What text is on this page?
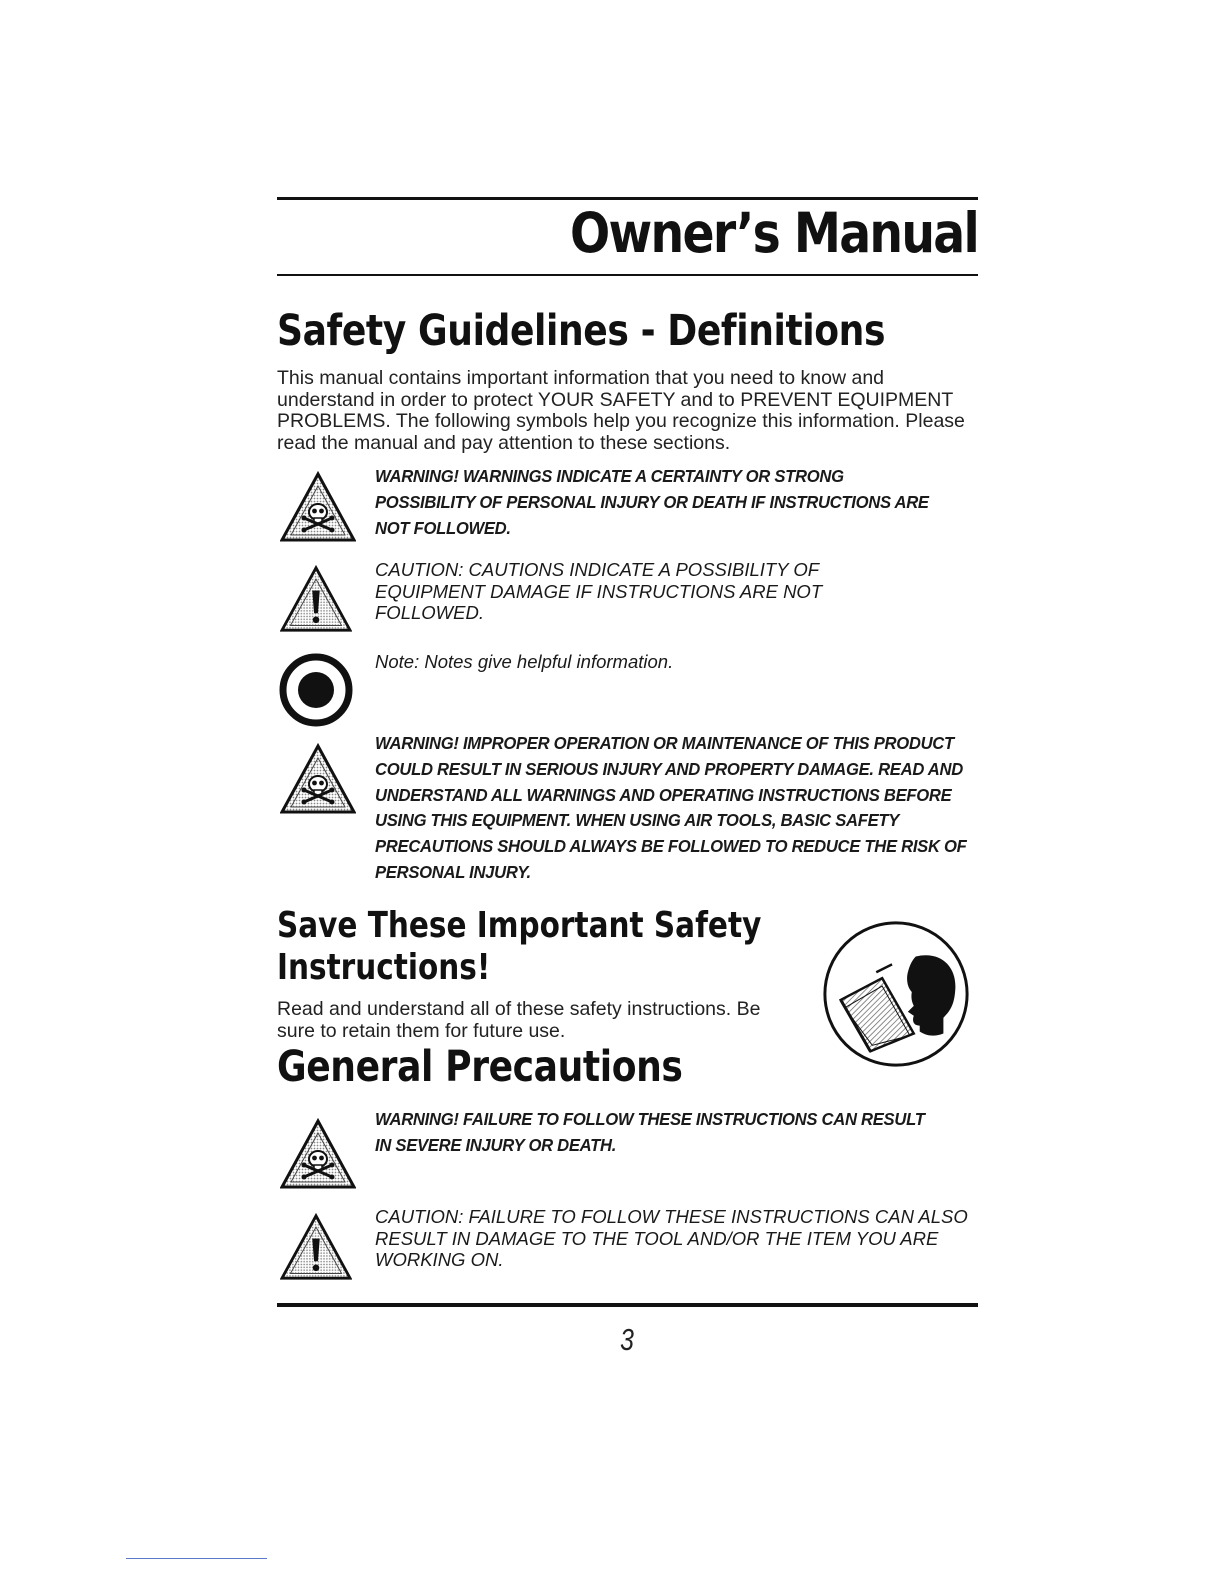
Owner’s Manual
Safety Guidelines - Definitions

This manual contains important information that you need to know and understand in order to protect YOUR SAFETY and to PREVENT EQUIPMENT PROBLEMS. The following symbols help you recognize this information. Please read the manual and pay attention to these sections.

WARNING! WARNINGS INDICATE A CERTAINTY OR STRONG POSSIBILITY OF PERSONAL INJURY OR DEATH IF INSTRUCTIONS ARE NOT FOLLOWED.

CAUTION: CAUTIONS INDICATE A POSSIBILITY OF EQUIPMENT DAMAGE IF INSTRUCTIONS ARE NOT FOLLOWED.

Note: Notes give helpful information.

WARNING! IMPROPER OPERATION OR MAINTENANCE OF THIS PRODUCT COULD RESULT IN SERIOUS INJURY AND PROPERTY DAMAGE. READ AND UNDERSTAND ALL WARNINGS AND OPERATING INSTRUCTIONS BEFORE USING THIS EQUIPMENT. WHEN USING AIR TOOLS, BASIC SAFETY PRECAUTIONS SHOULD ALWAYS BE FOLLOWED TO REDUCE THE RISK OF PERSONAL INJURY.

Save These Important Safety
Instructions!

Read and understand all of these safety instructions. Be sure to retain them for future use.

General Precautions

WARNING! FAILURE TO FOLLOW THESE INSTRUCTIONS CAN RESULT IN SEVERE INJURY OR DEATH.

CAUTION: FAILURE TO FOLLOW THESE INSTRUCTIONS CAN ALSO RESULT IN DAMAGE TO THE TOOL AND/OR THE ITEM YOU ARE WORKING ON.

3
